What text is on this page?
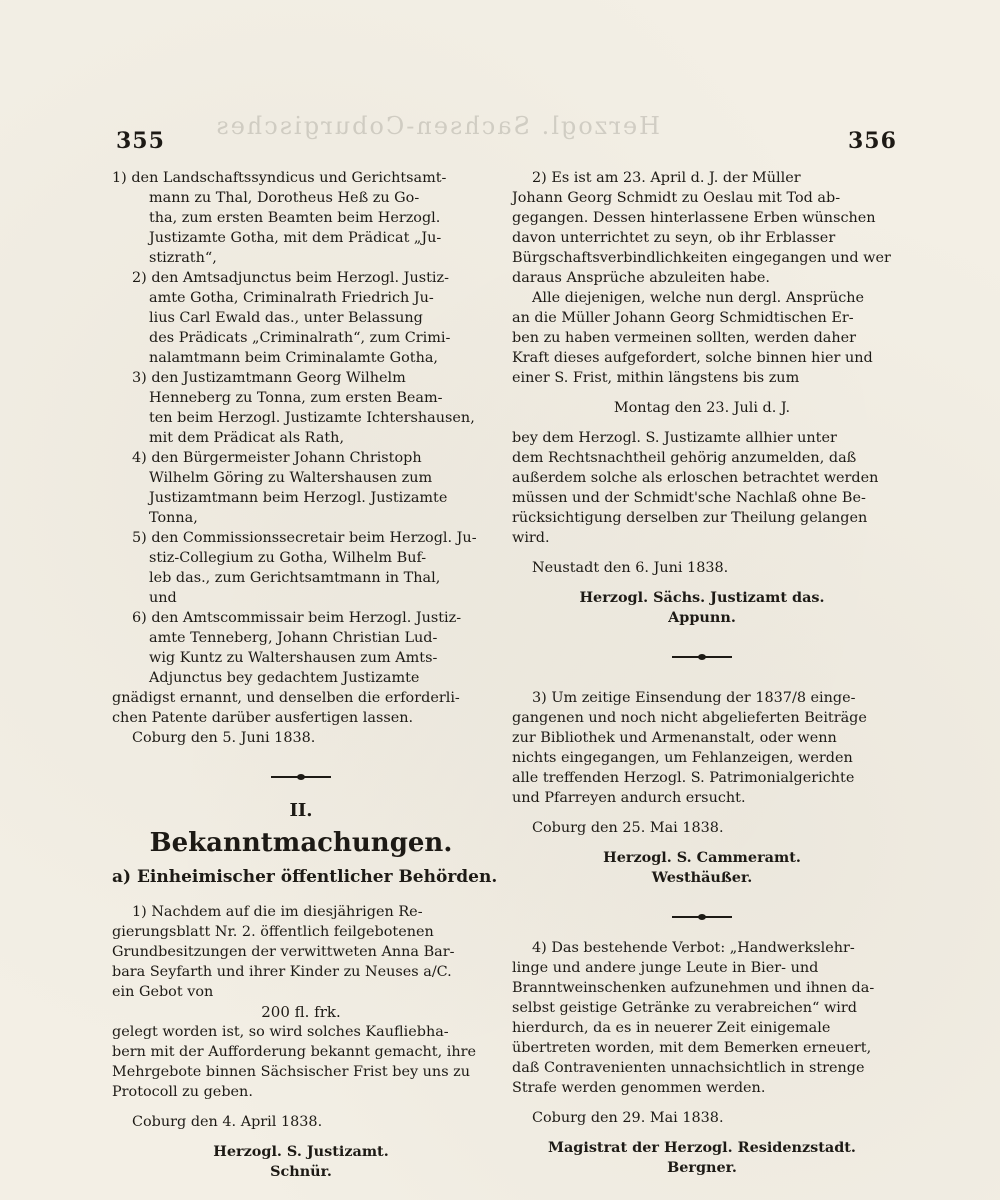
Herzogl. Sachsen-Coburgisches
355	356
1) den Landschaftssyndicus und Gerichtsamt-
mann zu Thal, Dorotheus Heß zu Go-
tha, zum ersten Beamten beim Herzogl.
Justizamte Gotha, mit dem Prädicat „Ju-
stizrath“,
2) den Amtsadjunctus beim Herzogl. Justiz-
amte Gotha, Criminalrath Friedrich Ju-
lius Carl Ewald das., unter Belassung
des Prädicats „Criminalrath“, zum Crimi-
nalamtmann beim Criminalamte Gotha,
3) den Justizamtmann Georg Wilhelm
Henneberg zu Tonna, zum ersten Beam-
ten beim Herzogl. Justizamte Ichtershausen,
mit dem Prädicat als Rath,
4) den Bürgermeister Johann Christoph
Wilhelm Göring zu Waltershausen zum
Justizamtmann beim Herzogl. Justizamte
Tonna,
5) den Commissionssecretair beim Herzogl. Ju-
stiz-Collegium zu Gotha, Wilhelm Buf-
leb das., zum Gerichtsamtmann in Thal,
und
6) den Amtscommissair beim Herzogl. Justiz-
amte Tenneberg, Johann Christian Lud-
wig Kuntz zu Waltershausen zum Amts-
Adjunctus bey gedachtem Justizamte
gnädigst ernannt, und denselben die erforderli-
chen Patente darüber ausfertigen lassen.
Coburg den 5. Juni 1838.
II.
Bekanntmachungen.
a) Einheimischer öffentlicher Behörden.
1) Nachdem auf die im diesjährigen Re-
gierungsblatt Nr. 2. öffentlich feilgebotenen
Grundbesitzungen der verwittweten Anna Bar-
bara Seyfarth und ihrer Kinder zu Neuses a/C.
ein Gebot von
200 fl. frk.
gelegt worden ist, so wird solches Kaufliebha-
bern mit der Aufforderung bekannt gemacht, ihre
Mehrgebote binnen Sächsischer Frist bey uns zu
Protocoll zu geben.
Coburg den 4. April 1838.
Herzogl. S. Justizamt.
Schnür.
2) Es ist am 23. April d. J. der Müller
Johann Georg Schmidt zu Oeslau mit Tod ab-
gegangen. Dessen hinterlassene Erben wünschen
davon unterrichtet zu seyn, ob ihr Erblasser
Bürgschaftsverbindlichkeiten eingegangen und wer
daraus Ansprüche abzuleiten habe.
Alle diejenigen, welche nun dergl. Ansprüche
an die Müller Johann Georg Schmidtischen Er-
ben zu haben vermeinen sollten, werden daher
Kraft dieses aufgefordert, solche binnen hier und
einer S. Frist, mithin längstens bis zum
Montag den 23. Juli d. J.
bey dem Herzogl. S. Justizamte allhier unter
dem Rechtsnachtheil gehörig anzumelden, daß
außerdem solche als erloschen betrachtet werden
müssen und der Schmidt'sche Nachlaß ohne Be-
rücksichtigung derselben zur Theilung gelangen
wird.
Neustadt den 6. Juni 1838.
Herzogl. Sächs. Justizamt das.
Appunn.
3) Um zeitige Einsendung der 1837/8 einge-
gangenen und noch nicht abgelieferten Beiträge
zur Bibliothek und Armenanstalt, oder wenn
nichts eingegangen, um Fehlanzeigen, werden
alle treffenden Herzogl. S. Patrimonialgerichte
und Pfarreyen andurch ersucht.
Coburg den 25. Mai 1838.
Herzogl. S. Cammeramt.
Westhäußer.
4) Das bestehende Verbot: „Handwerkslehr-
linge und andere junge Leute in Bier- und
Branntweinschenken aufzunehmen und ihnen da-
selbst geistige Getränke zu verabreichen“ wird
hierdurch, da es in neuerer Zeit einigemale
übertreten worden, mit dem Bemerken erneuert,
daß Contravenienten unnachsichtlich in strenge
Strafe werden genommen werden.
Coburg den 29. Mai 1838.
Magistrat der Herzogl. Residenzstadt.
Bergner.
